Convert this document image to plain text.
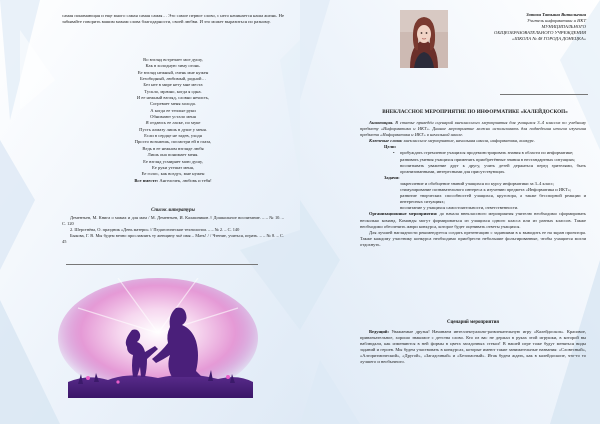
самая понимающая и еще много самая самая самая… Это самое первое слово, с него начинается наша жизнь. Не забывайте говорить вашим мамам слова благодарности, своей любви. И это может выразиться по разному.
Во взгляд встречает мое душу,
Как в холодную зиму огонь.
Ее взгляд нежный, очень мне нужен
Безобидный, любимый, родной…
Без нее в мире нету мне места
Тускло, мрачно, когда я одна.
И ее нежный взгляд, словно нечисть,
Согревает меня холода.
А когда ее теплые руки
Обнимают устало меня
Я отдаюсь ее ласке, по муке
Пусть алмазу лишь в душе у меня.
Если в сердце не задев, уходя
Просто возьмешь, посмотри ей в глаза,
Ведь в ее нежном взгляде любя
Лишь она понимает меня.
Ее взгляд усмиряет мою душу,
Ее руки утешат меня,
Ее голос, как воздух, мне нужен
Все вместе: Ангелочек, любовь и тебя!
Список литературы

Дементьев, М. Книга о мамах и для мам / М. Дементьев, И. Калашников // Дошкольное воспитание. – – № 10. – С. 120

2. Шерстнёва, О. праздник «День матери» // Педагогические технологии. – – № 2. – С. 140

Быкова, Г. В. Мы будем вечно прославлять ту женщину чьё имя – Мать! / / Чтение, учиться, играть. – – № 8. – С. 45

Зотова Татьяна Витальевна
Учитель информатики и ИКТ
МУНИЦИПАЛЬНОГО
ОБЩЕОБРАЗОВАТЕЛЬНОГО УЧРЕЖДЕНИЯ
«ШКОЛА № 48 ГОРОДА ДОНЕЦКА»
ВНЕКЛАССНОЕ МЕРОПРИЯТИЕ ПО ИНФОРМАТИКЕ «КАЛЕЙДОСКОП»

Аннотация. В статье приведён сценарий внеклассного мероприятия для учащихся 3–4 классов по учебному предмету «Информатика и ИКТ». Данное мероприятие можно использовать для подведения итогов изучения предмета «Информатика и ИКТ» в начальной школе.

Ключевые слова: внеклассное мероприятие, начальная школа, информатика, конкурс.

Цели:

• пробуждать стремление учащихся продемонстрировать знания в области по информатике;

развивать умения учащихся применять приобретённые знания в нестандартных ситуациях;

воспитывать уважение друг к другу, учить детей держаться перед зрителями, быть организованными, интересными для присутствующих.

Задачи:

закрепление и обобщение знаний учащихся по курсу информатики за 3–4 класс;

стимулирование познавательного интереса к изучению предмета «Информатика и ИКТ»;

развитие творческих способностей учащихся, кругозора, а также бесспорной реакции и интересных ситуациях;

воспитание у учащихся самостоятельности, ответственности.

Организационные мероприятия: до начала внеклассного мероприятия учителю необходимо сформировать несколько команд. Команды могут формироваться из учащихся одного класса или из разных классов. Также необходимо обеспечить жюри конкурса, которое будет оценивать ответы учащихся.

Для лучшей наглядности рекомендуется создать презентацию с заданиями в к выводить ее на экран проектора. Также каждому участнику конкурса необходимо приобрести небольшие фольгированные, чтобы учащиеся могли отдохнуть.

Сценарий мероприятия

Ведущий: Уважаемые друзья! Начинаем интеллектуально-развлекательную игру «Калейдоскоп». Красивое, привлекательное, хорошо знакомое с детства слово. Кто из вас не держал в руках этой игрушки, в которой вы наблюдали, как изменяются в ней формы в цвета загадочных стекол! В нашей игре тоже будут меняться виды заданий и героев. Мы будем участвовать в конкурсах, которые имеют такие занимательные названия: «Словесный», «Алгоритмический», «Другой», «Загадочный» и «Безопасный». Итак будем ждать, как в калейдоскопе, что-то то лучшего и необычного.
